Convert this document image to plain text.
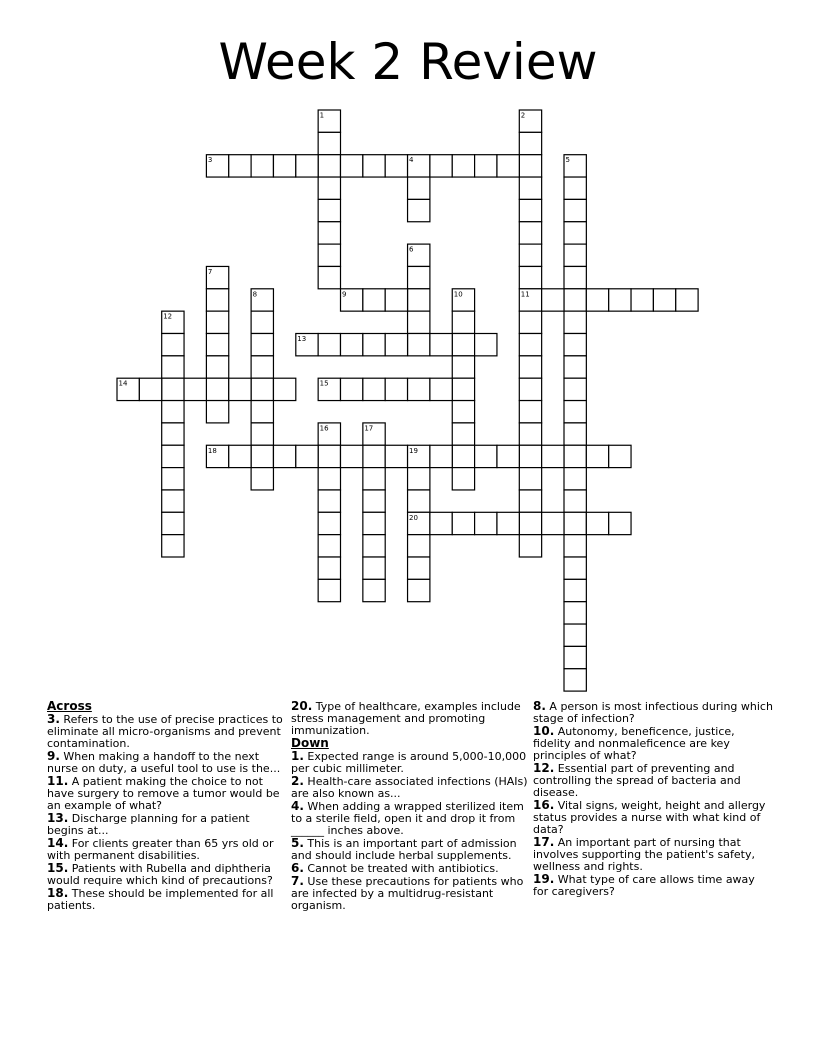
Week 2 Review
1	2
3	4	5
6
7
8	9	10	11
12
13
14	15
16	17
18	19
20
Across
3. Refers to the use of precise practices to eliminate all micro-organisms and prevent contamination.
9. When making a handoff to the next nurse on duty, a useful tool to use is the...
11. A patient making the choice to not have surgery to remove a tumor would be an example of what?
13. Discharge planning for a patient begins at...
14. For clients greater than 65 yrs old or with permanent disabilities.
15. Patients with Rubella and diphtheria would require which kind of precautions?
18. These should be implemented for all patients.
20. Type of healthcare, examples include stress management and promoting immunization.
Down
1. Expected range is around 5,000-10,000 per cubic millimeter.
2. Health-care associated infections (HAIs) are also known as...
4. When adding a wrapped sterilized item to a sterile field, open it and drop it from ______ inches above.
5. This is an important part of admission and should include herbal supplements.
6. Cannot be treated with antibiotics.
7. Use these precautions for patients who are infected by a multidrug-resistant organism.
8. A person is most infectious during which stage of infection?
10. Autonomy, beneficence, justice, fidelity and nonmaleficence are key principles of what?
12. Essential part of preventing and controlling the spread of bacteria and disease.
16. Vital signs, weight, height and allergy status provides a nurse with what kind of data?
17. An important part of nursing that involves supporting the patient's safety, wellness and rights.
19. What type of care allows time away for caregivers?
